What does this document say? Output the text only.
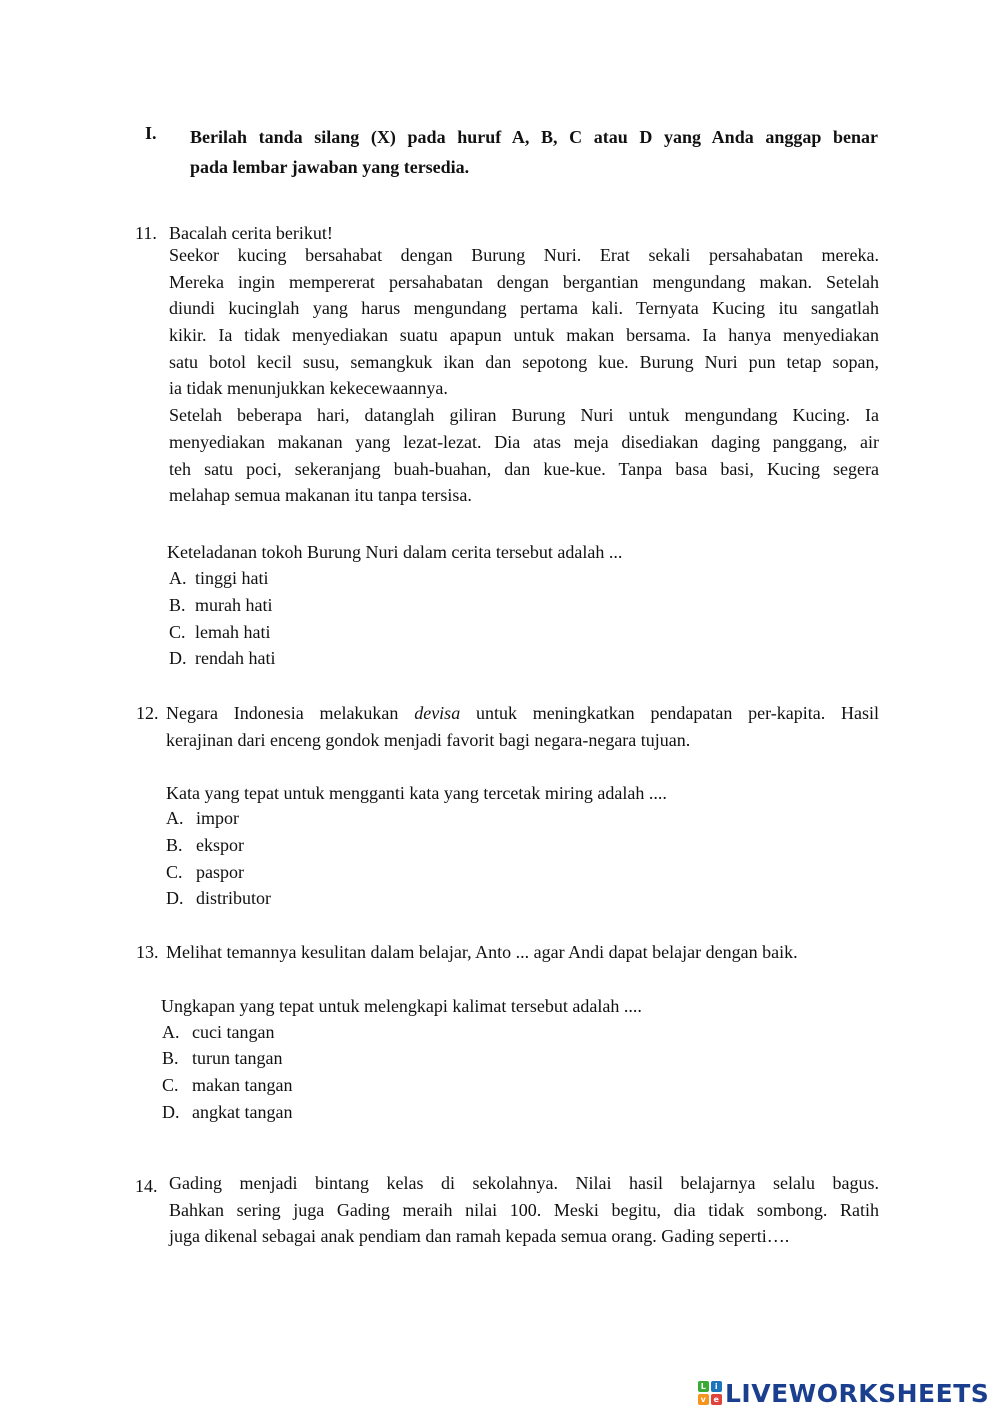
I. Berilah tanda silang (X) pada huruf A, B, C atau D yang Anda anggap benar
pada lembar jawaban yang tersedia.
11. Bacalah cerita berikut!
Seekor kucing bersahabat dengan Burung Nuri. Erat sekali persahabatan mereka.
Mereka ingin mempererat persahabatan dengan bergantian mengundang makan. Setelah
diundi kucinglah yang harus mengundang pertama kali. Ternyata Kucing itu sangatlah
kikir. Ia tidak menyediakan suatu apapun untuk makan bersama. Ia hanya menyediakan
satu botol kecil susu, semangkuk ikan dan sepotong kue. Burung Nuri pun tetap sopan,
ia tidak menunjukkan kekecewaannya.
Setelah beberapa hari, datanglah giliran Burung Nuri untuk mengundang Kucing. Ia
menyediakan makanan yang lezat-lezat. Dia atas meja disediakan daging panggang, air
teh satu poci, sekeranjang buah-buahan, dan kue-kue. Tanpa basa basi, Kucing segera
melahap semua makanan itu tanpa tersisa.
Keteladanan tokoh Burung Nuri dalam cerita tersebut adalah ...
A. tinggi hati
B. murah hati
C. lemah hati
D. rendah hati
12. Negara Indonesia melakukan devisa untuk meningkatkan pendapatan per-kapita. Hasil
kerajinan dari enceng gondok menjadi favorit bagi negara-negara tujuan.
Kata yang tepat untuk mengganti kata yang tercetak miring adalah ....
A. impor
B. ekspor
C. paspor
D. distributor
13. Melihat temannya kesulitan dalam belajar, Anto ... agar Andi dapat belajar dengan baik.
Ungkapan yang tepat untuk melengkapi kalimat tersebut adalah ....
A. cuci tangan
B. turun tangan
C. makan tangan
D. angkat tangan
14. Gading menjadi bintang kelas di sekolahnya. Nilai hasil belajarnya selalu bagus.
Bahkan sering juga Gading meraih nilai 100. Meski begitu, dia tidak sombong. Ratih
juga dikenal sebagai anak pendiam dan ramah kepada semua orang. Gading seperti….
L	i
v e LIVEWORKSHEETS
